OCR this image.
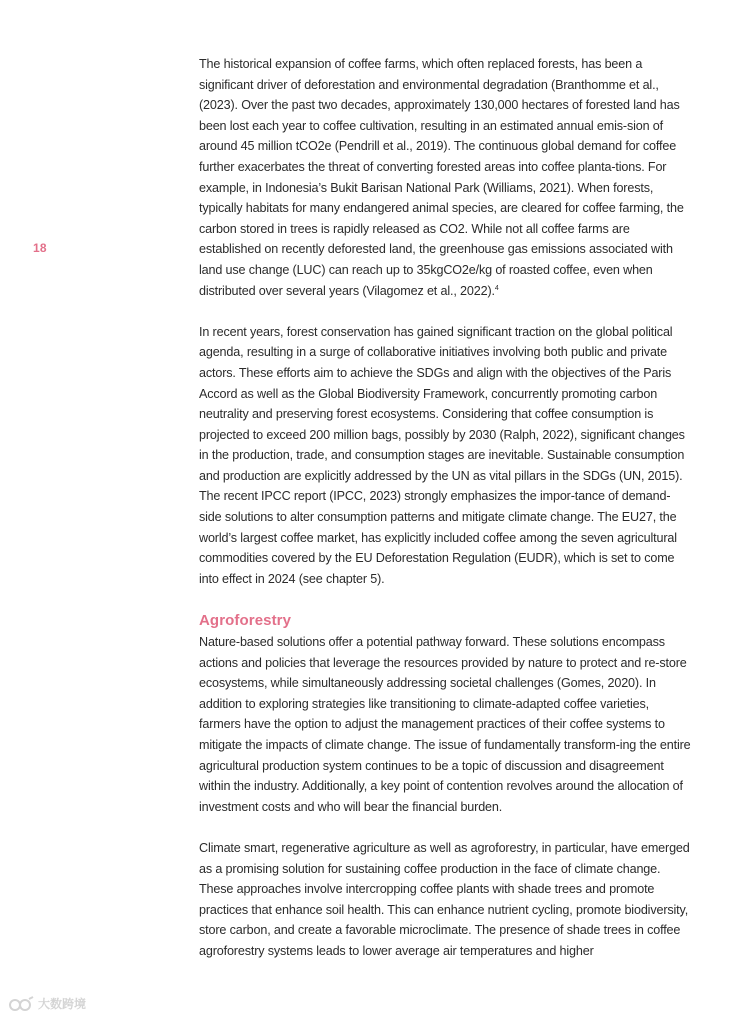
18

The historical expansion of coffee farms, which often replaced forests, has been a significant driver of deforestation and environmental degradation (Branthomme et al., (2023). Over the past two decades, approximately 130,000 hectares of forested land has been lost each year to coffee cultivation, resulting in an estimated annual emis-sion of around 45 million tCO2e (Pendrill et al., 2019). The continuous global demand for coffee further exacerbates the threat of converting forested areas into coffee planta-tions. For example, in Indonesia’s Bukit Barisan National Park (Williams, 2021). When forests, typically habitats for many endangered animal species, are cleared for coffee farming, the carbon stored in trees is rapidly released as CO2. While not all coffee farms are established on recently deforested land, the greenhouse gas emissions associated with land use change (LUC) can reach up to 35kgCO2e/kg of roasted coffee, even when distributed over several years (Vilagomez et al., 2022).$^4$

In recent years, forest conservation has gained significant traction on the global political agenda, resulting in a surge of collaborative initiatives involving both public and private actors. These efforts aim to achieve the SDGs and align with the objectives of the Paris Accord as well as the Global Biodiversity Framework, concurrently promoting carbon neutrality and preserving forest ecosystems. Considering that coffee consumption is projected to exceed 200 million bags, possibly by 2030 (Ralph, 2022), significant changes in the production, trade, and consumption stages are inevitable. Sustainable consumption and production are explicitly addressed by the UN as vital pillars in the SDGs (UN, 2015). The recent IPCC report (IPCC, 2023) strongly emphasizes the impor-tance of demand-side solutions to alter consumption patterns and mitigate climate change. The EU27, the world’s largest coffee market, has explicitly included coffee among the seven agricultural commodities covered by the EU Deforestation Regulation (EUDR), which is set to come into effect in 2024 (see chapter 5).

Agroforestry

Nature-based solutions offer a potential pathway forward. These solutions encompass actions and policies that leverage the resources provided by nature to protect and re-store ecosystems, while simultaneously addressing societal challenges (Gomes, 2020). In addition to exploring strategies like transitioning to climate-adapted coffee varieties, farmers have the option to adjust the management practices of their coffee systems to mitigate the impacts of climate change. The issue of fundamentally transform-ing the entire agricultural production system continues to be a topic of discussion and disagreement within the industry. Additionally, a key point of contention revolves around the allocation of investment costs and who will bear the financial burden.

Climate smart, regenerative agriculture as well as agroforestry, in particular, have emerged as a promising solution for sustaining coffee production in the face of climate change. These approaches involve intercropping coffee plants with shade trees and promote practices that enhance soil health. This can enhance nutrient cycling, promote biodiversity, store carbon, and create a favorable microclimate. The presence of shade trees in coffee agroforestry systems leads to lower average air temperatures and higher

大数跨境
